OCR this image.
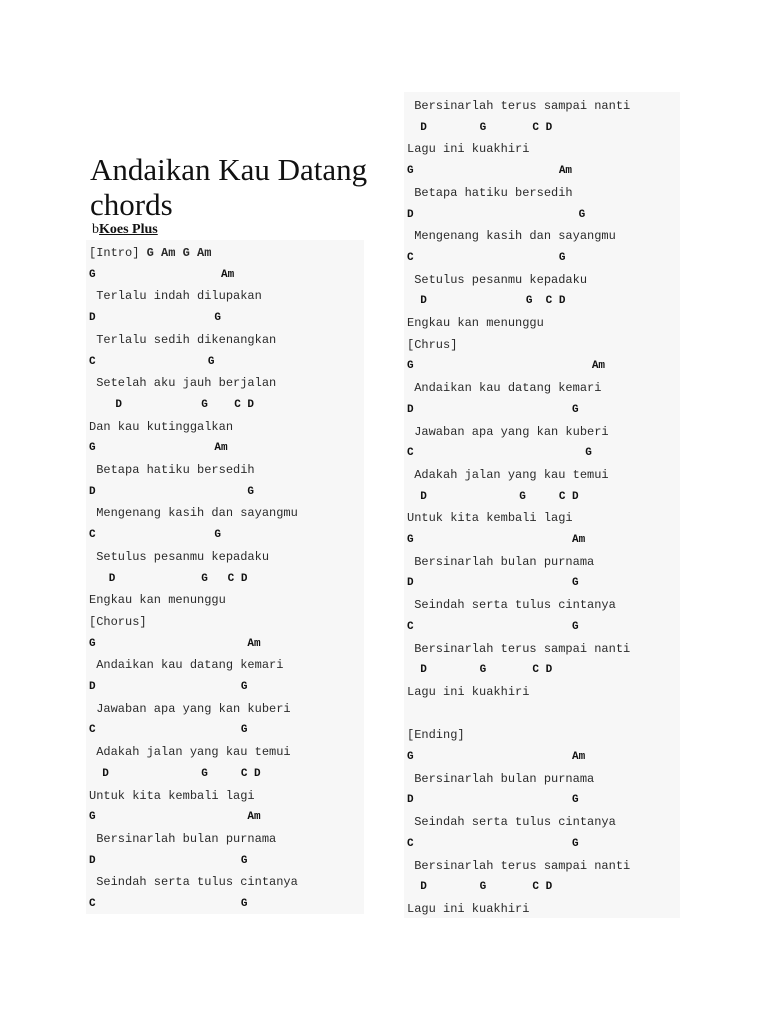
Andaikan Kau Datang chords
bKoes Plus
[Intro] G Am G Am
G                   Am
Terlalu indah dilupakan
D                  G
Terlalu sedih dikenangkan
C                 G
Setelah aku jauh berjalan
D            G    C D
Dan kau kutinggalkan
G                  Am
Betapa hatiku bersedih
D                       G
Mengenang kasih dan sayangmu
C                  G
Setulus pesanmu kepadaku
D             G   C D
Engkau kan menunggu
[Chorus]
G                       Am
Andaikan kau datang kemari
D                      G
Jawaban apa yang kan kuberi
C                      G
Adakah jalan yang kau temui
D              G     C D
Untuk kita kembali lagi
G                       Am
Bersinarlah bulan purnama
D                      G
Seindah serta tulus cintanya
C                      G
Bersinarlah terus sampai nanti
D        G       C D
Lagu ini kuakhiri
G                      Am
Betapa hatiku bersedih
D                         G
Mengenang kasih dan sayangmu
C                      G
Setulus pesanmu kepadaku
D               G  C D
Engkau kan menunggu
[Chrus]
G                           Am
Andaikan kau datang kemari
D                        G
Jawaban apa yang kan kuberi
C                          G
Adakah jalan yang kau temui
D              G     C D
Untuk kita kembali lagi
G                        Am
Bersinarlah bulan purnama
D                        G
Seindah serta tulus cintanya
C                        G
Bersinarlah terus sampai nanti
D        G       C D
Lagu ini kuakhiri
[Ending]
G                        Am
Bersinarlah bulan purnama
D                        G
Seindah serta tulus cintanya
C                        G
Bersinarlah terus sampai nanti
D        G       C D
Lagu ini kuakhiri
